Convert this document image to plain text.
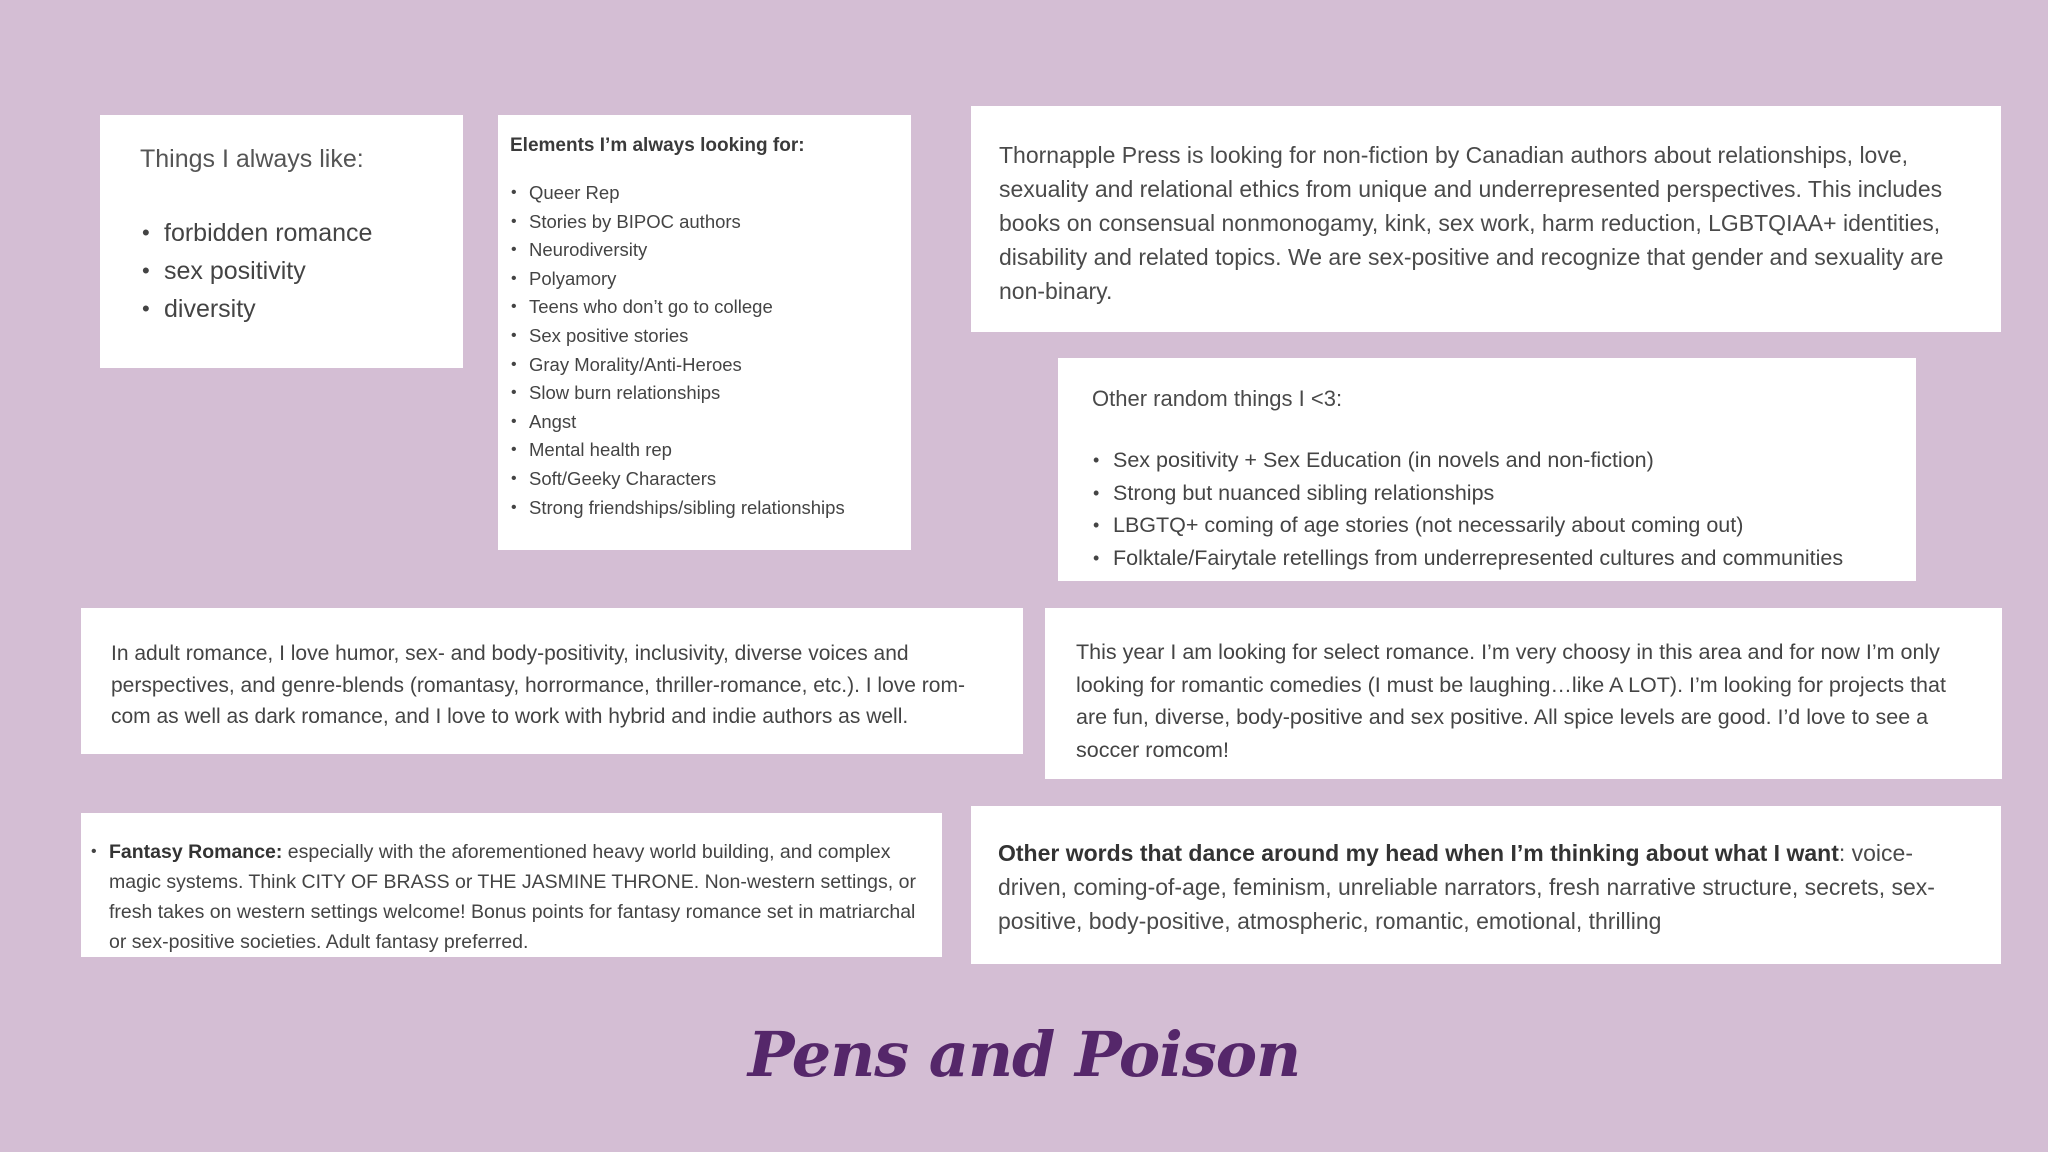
Things I always like:
• forbidden romance
• sex positivity
• diversity
Elements I’m always looking for:
• Queer Rep
• Stories by BIPOC authors
• Neurodiversity
• Polyamory
• Teens who don’t go to college
• Sex positive stories
• Gray Morality/Anti-Heroes
• Slow burn relationships
• Angst
• Mental health rep
• Soft/Geeky Characters
• Strong friendships/sibling relationships

Thornapple Press is looking for non-fiction by Canadian authors about relationships, love, sexuality and relational ethics from unique and underrepresented perspectives. This includes books on consensual nonmonogamy, kink, sex work, harm reduction, LGBTQIAA+ identities, disability and related topics. We are sex-positive and recognize that gender and sexuality are non-binary.

Other random things I <3:
• Sex positivity + Sex Education (in novels and non-fiction)
• Strong but nuanced sibling relationships
• LBGTQ+ coming of age stories (not necessarily about coming out)
• Folktale/Fairytale retellings from underrepresented cultures and communities

In adult romance, I love humor, sex- and body-positivity, inclusivity, diverse voices and perspectives, and genre-blends (romantasy, horrormance, thriller-romance, etc.). I love rom-com as well as dark romance, and I love to work with hybrid and indie authors as well.

This year I am looking for select romance. I’m very choosy in this area and for now I’m only looking for romantic comedies (I must be laughing…like A LOT). I’m looking for projects that are fun, diverse, body-positive and sex positive. All spice levels are good. I’d love to see a soccer romcom!

• Fantasy Romance: especially with the aforementioned heavy world building, and complex magic systems. Think CITY OF BRASS or THE JASMINE THRONE. Non-western settings, or fresh takes on western settings welcome! Bonus points for fantasy romance set in matriarchal or sex-positive societies. Adult fantasy preferred.

Other words that dance around my head when I’m thinking about what I want: voice-driven, coming-of-age, feminism, unreliable narrators, fresh narrative structure, secrets, sex-positive, body-positive, atmospheric, romantic, emotional, thrilling

Pens and Poison
